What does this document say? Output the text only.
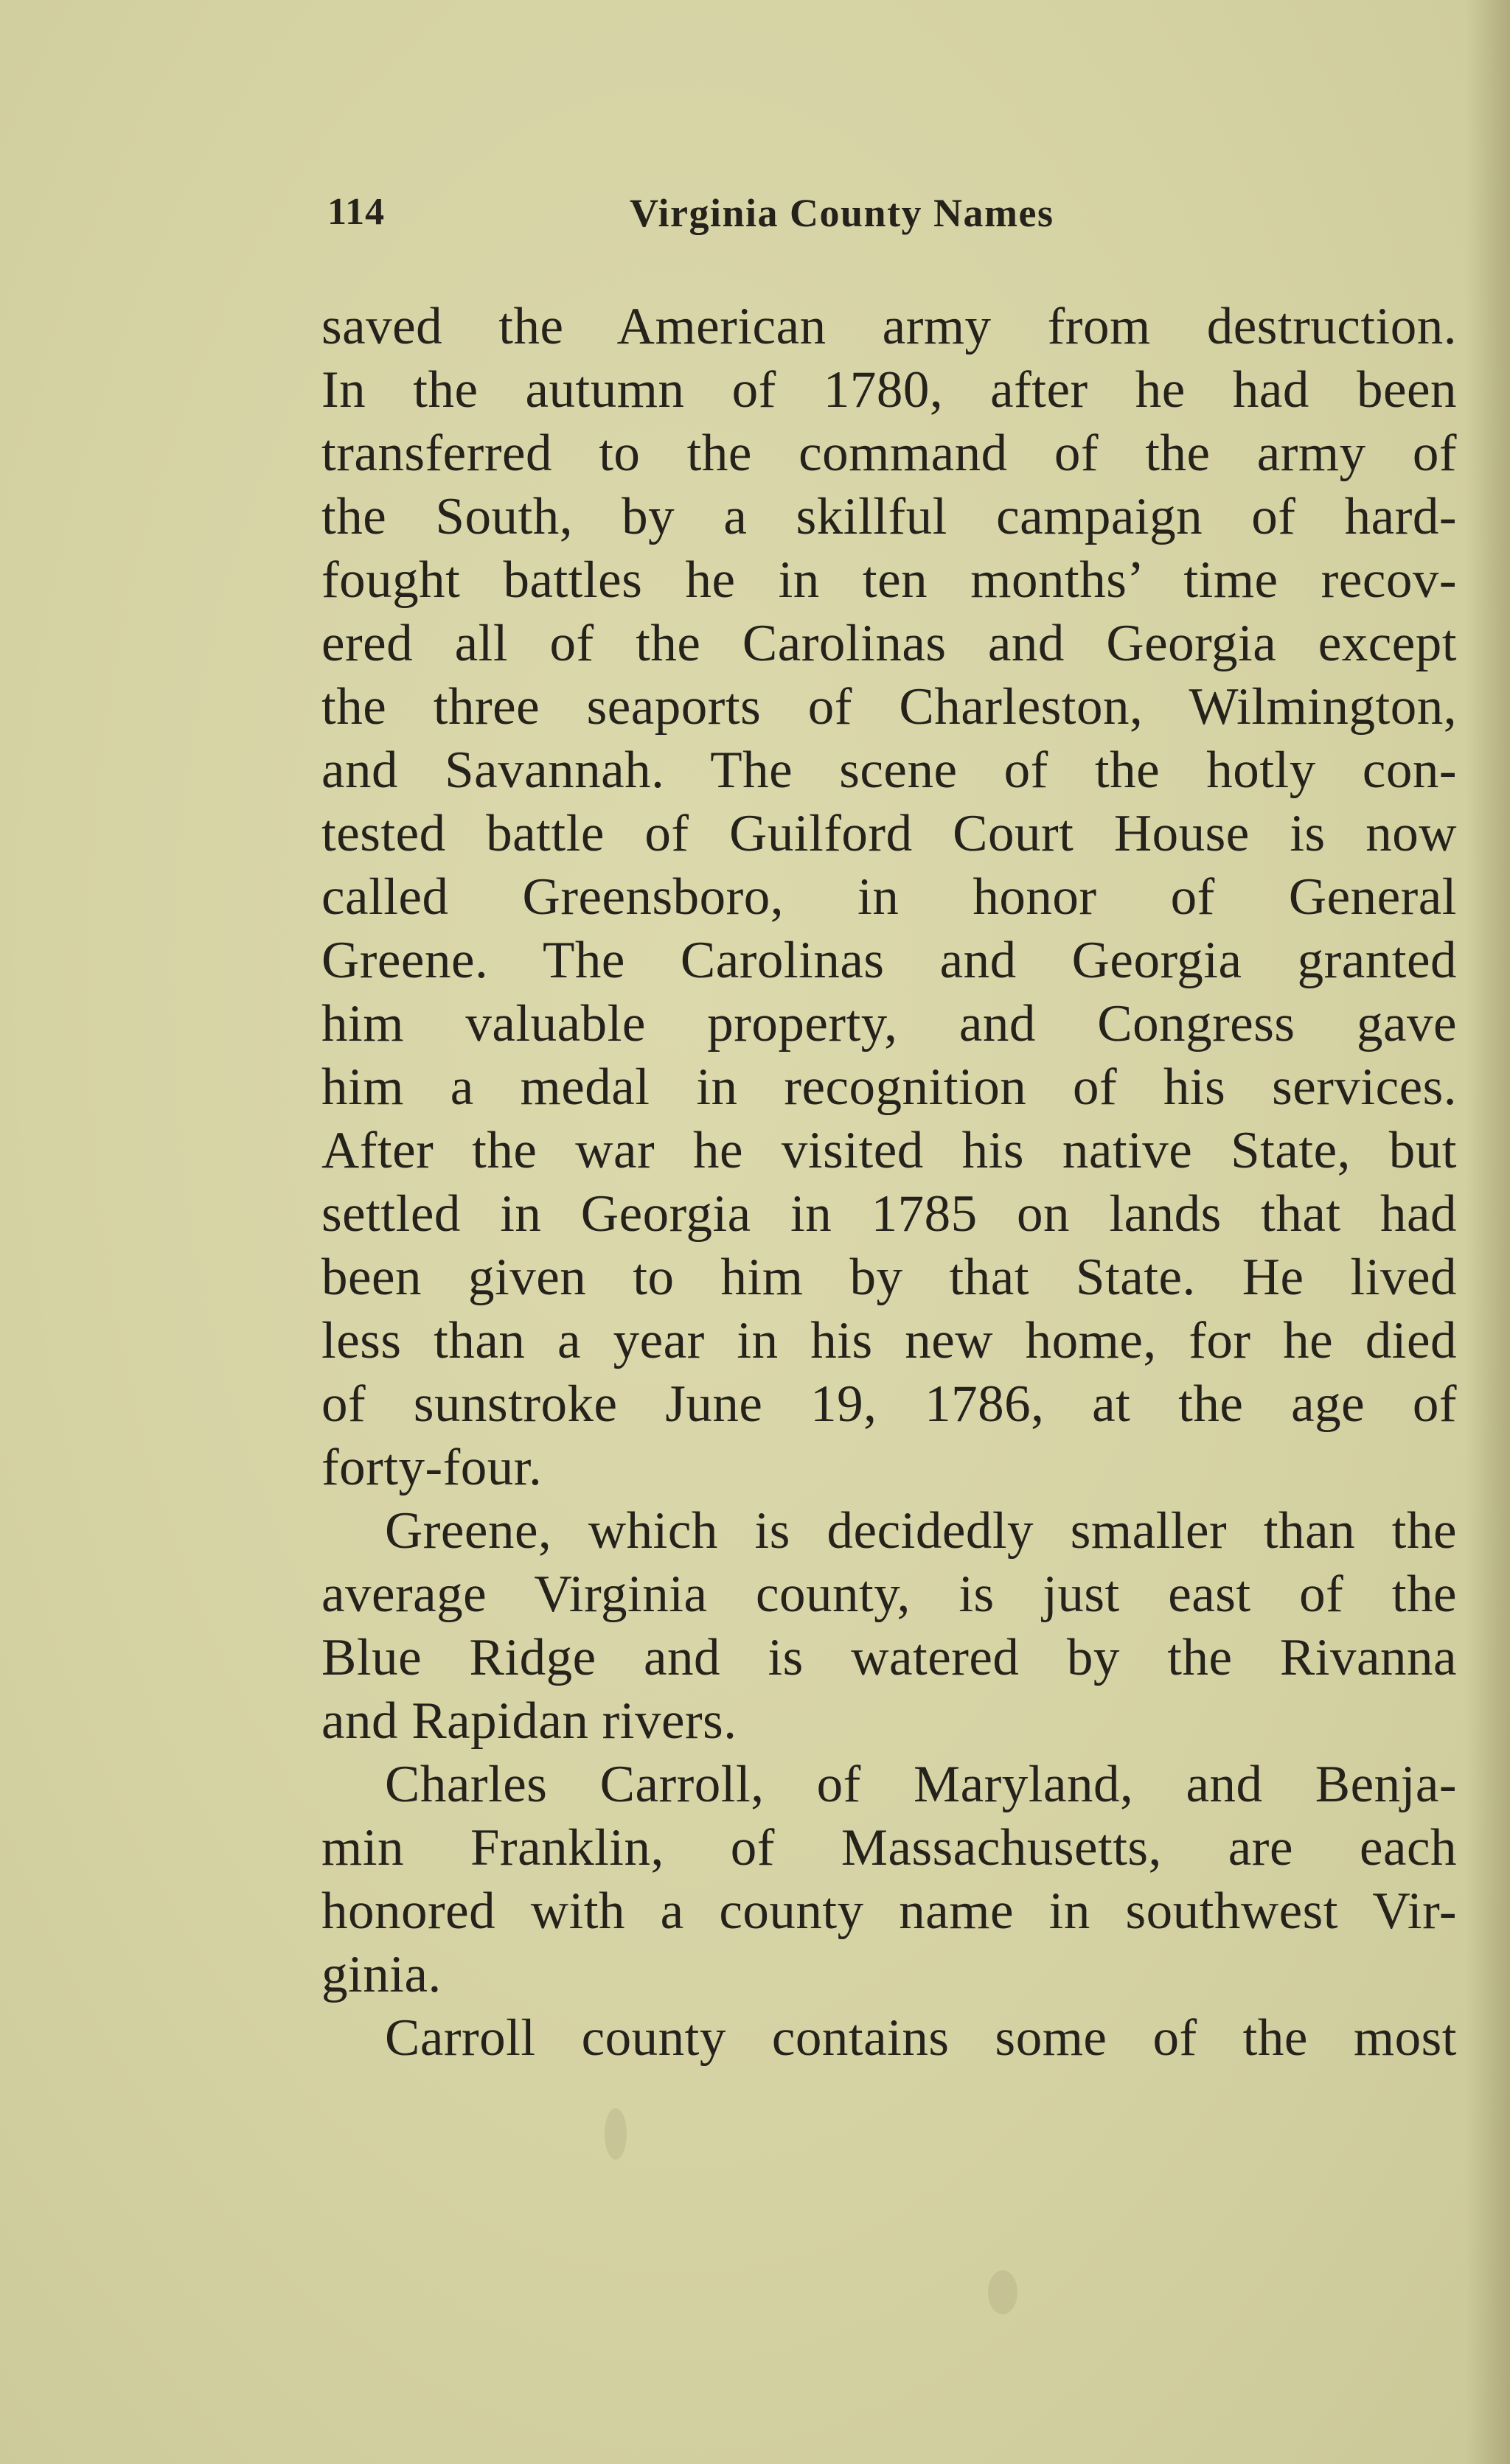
114	Virginia County Names
saved the American army from destruction.
In the autumn of 1780, after he had been
transferred to the command of the army of
the South, by a skillful campaign of hard-
fought battles he in ten months’ time recov-
ered all of the Carolinas and Georgia except
the three seaports of Charleston, Wilmington,
and Savannah. The scene of the hotly con-
tested battle of Guilford Court House is now
called Greensboro, in honor of General
Greene. The Carolinas and Georgia granted
him valuable property, and Congress gave
him a medal in recognition of his services.
After the war he visited his native State, but
settled in Georgia in 1785 on lands that had
been given to him by that State. He lived
less than a year in his new home, for he died
of sunstroke June 19, 1786, at the age of
forty-four.
Greene, which is decidedly smaller than the
average Virginia county, is just east of the
Blue Ridge and is watered by the Rivanna
and Rapidan rivers.
Charles Carroll, of Maryland, and Benja-
min Franklin, of Massachusetts, are each
honored with a county name in southwest Vir-
ginia.
Carroll county contains some of the most
